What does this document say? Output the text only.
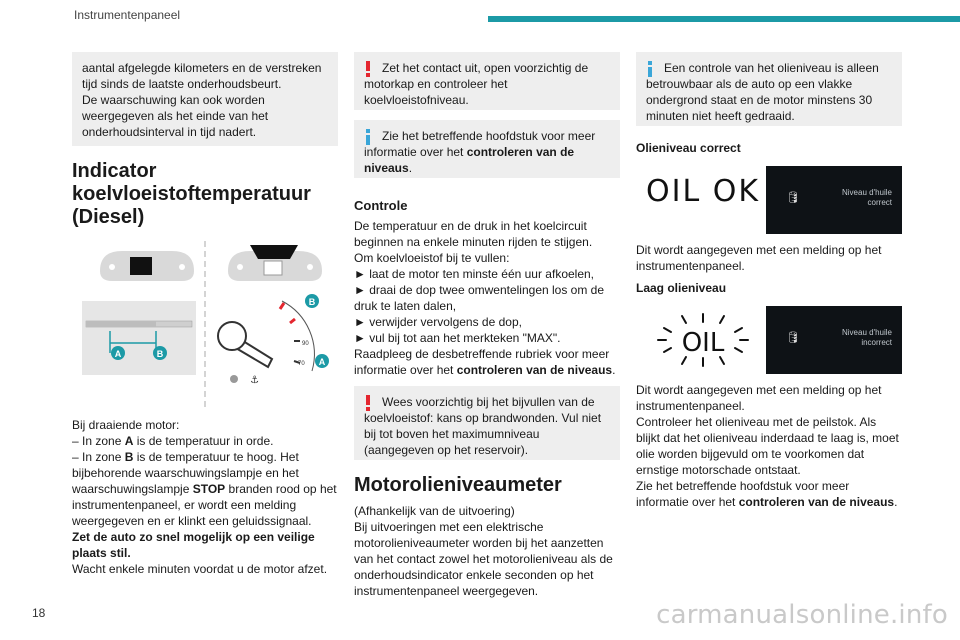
Instrumentenpaneel

aantal afgelegde kilometers en de verstreken tijd sinds de laatste onderhoudsbeurt.

De waarschuwing kan ook worden weergegeven als het einde van het onderhoudsinterval in tijd nadert.

Indicator koelvloeistoftemperatuur (Diesel)
A	B
⚓
B
A
90
70

Bij draaiende motor:

– In zone A is de temperatuur in orde.

– In zone B is de temperatuur te hoog. Het bijbehorende waarschuwingslampje en het waarschuwingslampje STOP branden rood op het instrumentenpaneel, er wordt een melding weergegeven en er klinkt een geluidssignaal.

Zet de auto zo snel mogelijk op een veilige plaats stil.

Wacht enkele minuten voordat u de motor afzet.

Zet het contact uit, open voorzichtig de motorkap en controleer het koelvloeistofniveau.

Zie het betreffende hoofdstuk voor meer informatie over het controleren van de niveaus.

Controle

De temperatuur en de druk in het koelcircuit beginnen na enkele minuten rijden te stijgen.

Om koelvloeistof bij te vullen:

► laat de motor ten minste één uur afkoelen,

► draai de dop twee omwentelingen los om de druk te laten dalen,

► verwijder vervolgens de dop,

► vul bij tot aan het merkteken "MAX".

Raadpleeg de desbetreffende rubriek voor meer informatie over het controleren van de niveaus.

Wees voorzichtig bij het bijvullen van de koelvloeistof: kans op brandwonden. Vul niet bij tot boven het maximumniveau (aangegeven op het reservoir).

Motorolieniveaumeter

(Afhankelijk van de uitvoering)

Bij uitvoeringen met een elektrische motorolieniveaumeter worden bij het aanzetten van het contact zowel het motorolieniveau als de onderhoudsindicator enkele seconden op het instrumentenpaneel weergegeven.

Een controle van het olieniveau is alleen betrouwbaar als de auto op een vlakke ondergrond staat en de motor minstens 30 minuten niet heeft gedraaid.

Olieniveau correct
OIL OK 🛢	Niveau d'huile
correct

Dit wordt aangegeven met een melding op het instrumentenpaneel.

Laag olieniveau
OIL	🛢	Niveau d'huile
incorrect

Dit wordt aangegeven met een melding op het instrumentenpaneel.

Controleer het olieniveau met de peilstok. Als blijkt dat het olieniveau inderdaad te laag is, moet olie worden bijgevuld om te voorkomen dat ernstige motorschade ontstaat.

Zie het betreffende hoofdstuk voor meer informatie over het controleren van de niveaus.

18	carmanualsonline.info
